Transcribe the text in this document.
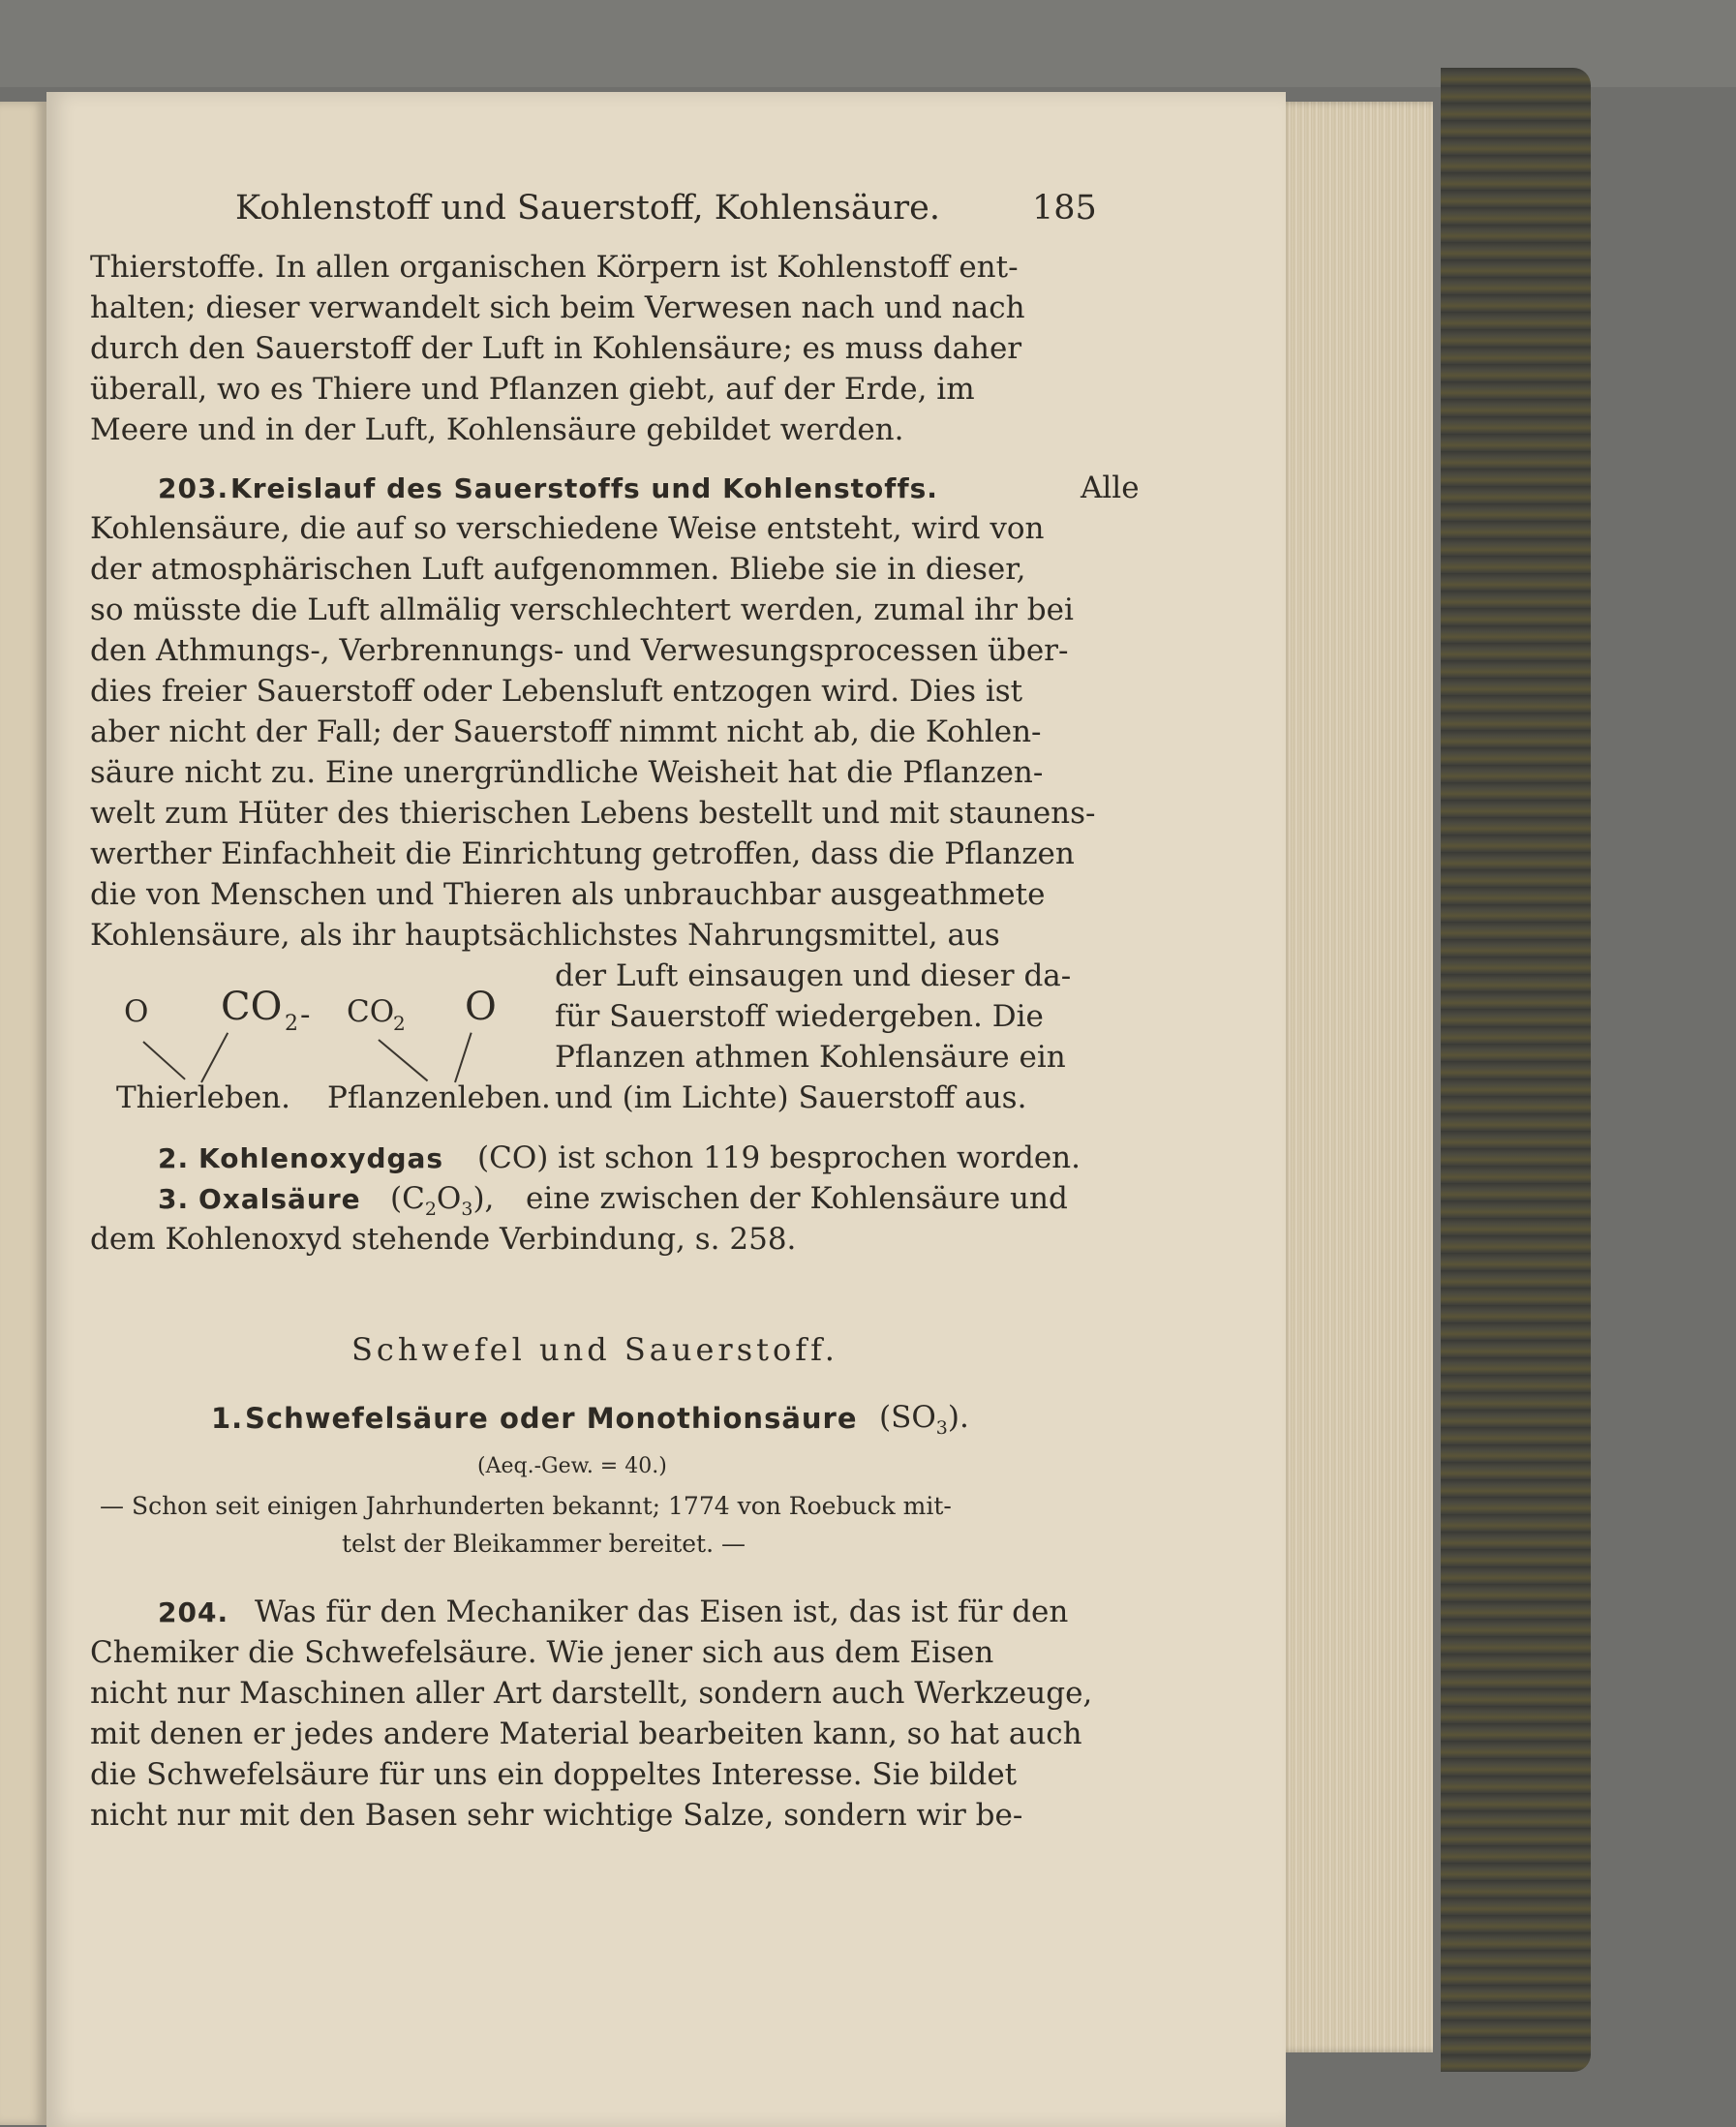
Kohlenstoff und Sauerstoff, Kohlensäure.	185
Thierstoffe. In allen organischen Körpern ist Kohlenstoff ent-
halten; dieser verwandelt sich beim Verwesen nach und nach
durch den Sauerstoff der Luft in Kohlensäure; es muss daher
überall, wo es Thiere und Pflanzen giebt, auf der Erde, im
Meere und in der Luft, Kohlensäure gebildet werden.
203. Kreislauf des Sauerstoffs und Kohlenstoffs.	Alle
Kohlensäure, die auf so verschiedene Weise entsteht, wird von
der atmosphärischen Luft aufgenommen. Bliebe sie in dieser,
so müsste die Luft allmälig verschlechtert werden, zumal ihr bei
den Athmungs-, Verbrennungs- und Verwesungsprocessen über-
dies freier Sauerstoff oder Lebensluft entzogen wird. Dies ist
aber nicht der Fall; der Sauerstoff nimmt nicht ab, die Kohlen-
säure nicht zu. Eine unergründliche Weisheit hat die Pflanzen-
welt zum Hüter des thierischen Lebens bestellt und mit staunens-
werther Einfachheit die Einrichtung getroffen, dass die Pflanzen
die von Menschen und Thieren als unbrauchbar ausgeathmete
Kohlensäure, als ihr hauptsächlichstes Nahrungsmittel, aus
der Luft einsaugen und dieser da-
für Sauerstoff wiedergeben. Die
Pflanzen athmen Kohlensäure ein
und (im Lichte) Sauerstoff aus.
O CO 2 - CO
2 O
Thierleben. Pflanzenleben.
2. Kohlenoxydgas (CO) ist schon 119 besprochen worden.
3. Oxalsäure $(C_2O_3)$, eine zwischen der Kohlensäure und
dem Kohlenoxyd stehende Verbindung, s. 258.
Schwefel und Sauerstoff.
1. Schwefelsäure oder Monothionsäure $(SO_3)$.
(Aeq.-Gew. = 40.)
— Schon seit einigen Jahrhunderten bekannt; 1774 von Roebuck mit-
telst der Bleikammer bereitet. —
204. Was für den Mechaniker das Eisen ist, das ist für den
Chemiker die Schwefelsäure. Wie jener sich aus dem Eisen
nicht nur Maschinen aller Art darstellt, sondern auch Werkzeuge,
mit denen er jedes andere Material bearbeiten kann, so hat auch
die Schwefelsäure für uns ein doppeltes Interesse. Sie bildet
nicht nur mit den Basen sehr wichtige Salze, sondern wir be-
